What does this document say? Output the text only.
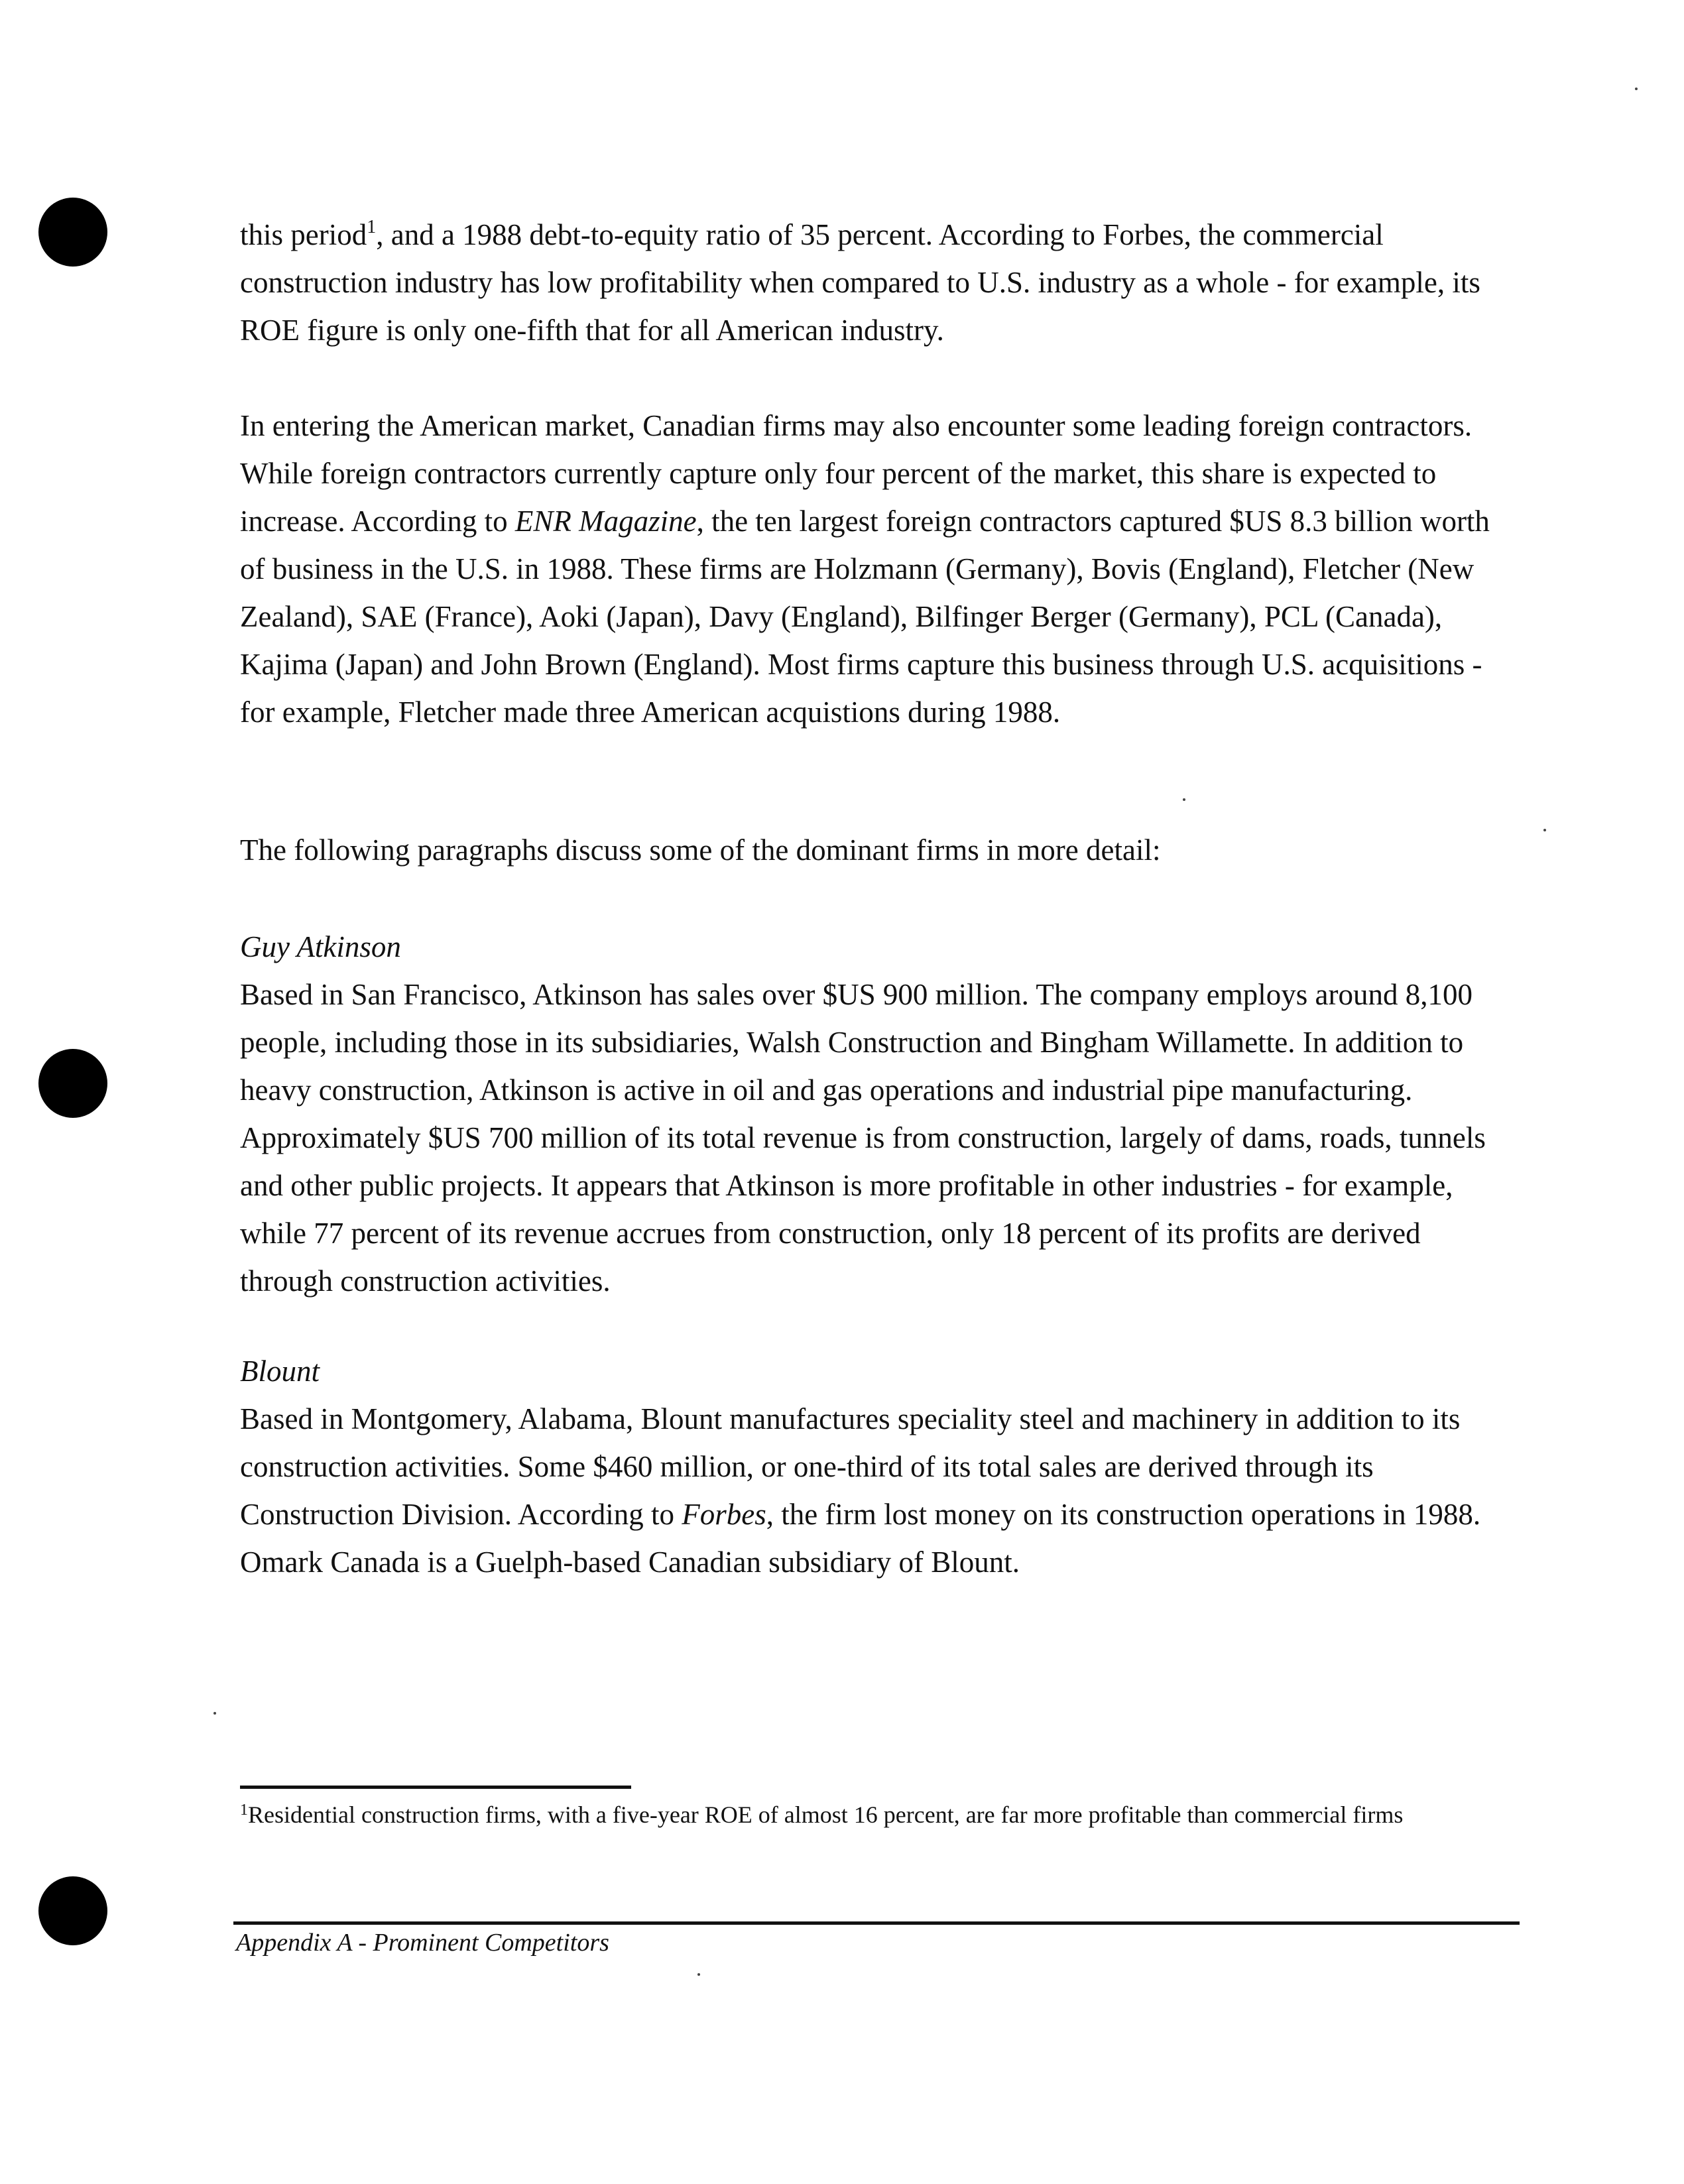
this period$^1$, and a 1988 debt-to-equity ratio of 35 percent. According to Forbes, the commercial construction industry has low profitability when compared to U.S. industry as a whole - for example, its ROE figure is only one-fifth that for all American industry.

In entering the American market, Canadian firms may also encounter some leading foreign contractors. While foreign contractors currently capture only four percent of the market, this share is expected to increase. According to ENR Magazine, the ten largest foreign contractors captured $US 8.3 billion worth of business in the U.S. in 1988. These firms are Holzmann (Germany), Bovis (England), Fletcher (New Zealand), SAE (France), Aoki (Japan), Davy (England), Bilfinger Berger (Germany), PCL (Canada), Kajima (Japan) and John Brown (England). Most firms capture this business through U.S. acquisitions - for example, Fletcher made three American acquistions during 1988.

The following paragraphs discuss some of the dominant firms in more detail:

Guy Atkinson

Based in San Francisco, Atkinson has sales over $US 900 million. The company employs around 8,100 people, including those in its subsidiaries, Walsh Construction and Bingham Willamette. In addition to heavy construction, Atkinson is active in oil and gas operations and industrial pipe manufacturing. Approximately $US 700 million of its total revenue is from construction, largely of dams, roads, tunnels and other public projects. It appears that Atkinson is more profitable in other industries - for example, while 77 percent of its revenue accrues from construction, only 18 percent of its profits are derived through construction activities.

Blount

Based in Montgomery, Alabama, Blount manufactures speciality steel and machinery in addition to its construction activities. Some $460 million, or one-third of its total sales are derived through its Construction Division. According to Forbes, the firm lost money on its construction operations in 1988. Omark Canada is a Guelph-based Canadian subsidiary of Blount.

$^1$Residential construction firms, with a five-year ROE of almost 16 percent, are far more profitable than commercial firms

Appendix A - Prominent Competitors
